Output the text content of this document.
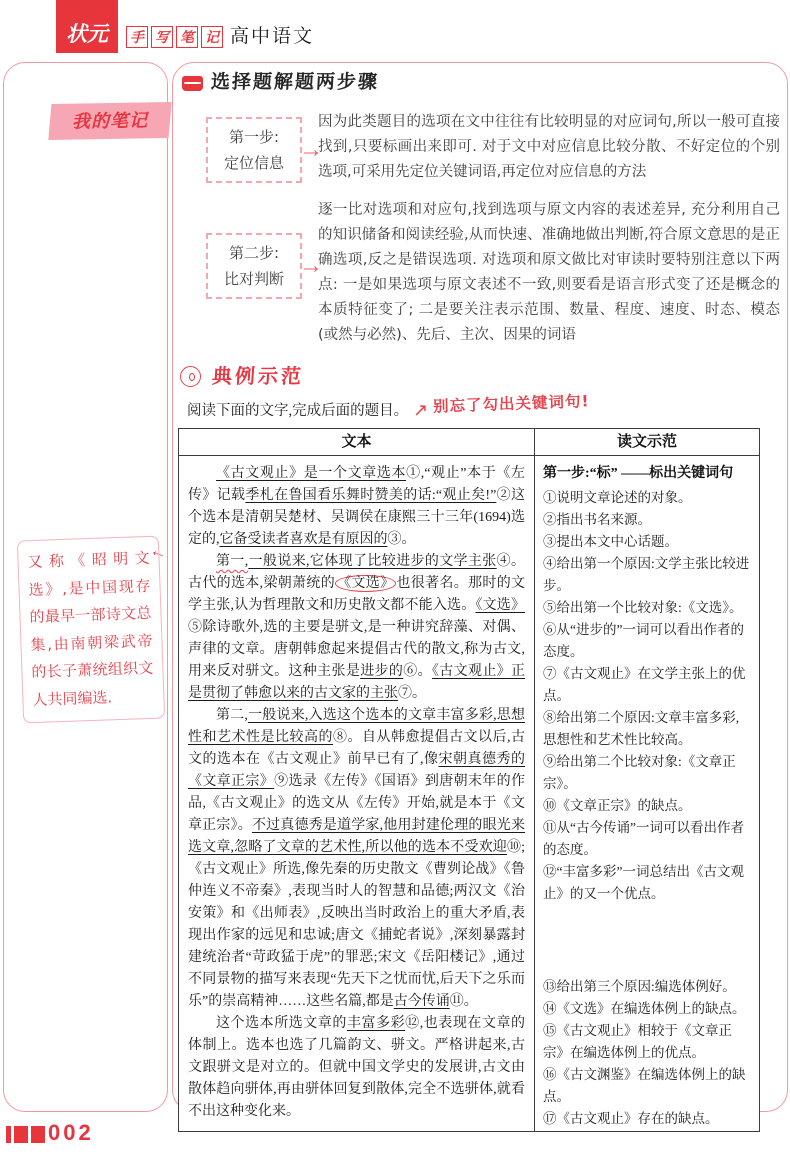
状元	手 写 笔 记 高中语文
我的笔记
←
又称《昭明文选》,是中国现存的最早一部诗文总集,由南朝梁武帝的长子萧统组织文人共同编选.
选择题解题两步骤
第一步:
定位信息 →
因为此类题目的选项在文中往往有比较明显的对应词句,所以一般可直接找到,只要标画出来即可. 对于文中对应信息比较分散、不好定位的个别选项,可采用先定位关键词语,再定位对应信息的方法
第二步:
比对判断 →
逐一比对选项和对应句,找到选项与原文内容的表述差异, 充分利用自己的知识储备和阅读经验,从而快速、准确地做出判断,符合原文意思的是正确选项,反之是错误选项. 对选项和原文做比对审读时要特别注意以下两点: 一是如果选项与原文表述不一致,则要看是语言形式变了还是概念的本质特征变了; 二是要关注表示范围、数量、程度、速度、时态、模态(或然与必然)、先后、主次、因果的词语
典例示范
阅读下面的文字,完成后面的题目。 ↗ 别忘了勾出关键词句!
文本	读文示范

《古文观止》是一个文章选本①,“观止”本于《左传》记载季札在鲁国看乐舞时赞美的话:“观止矣!”②这个选本是清朝吴楚材、吴调侯在康熙三十三年(1694)选定的,它备受读者喜欢是有原因的③。

第一,一般说来,它体现了比较进步的文学主张④。古代的选本,梁朝萧统的 《文选》 也很著名。那时的文学主张,认为哲理散文和历史散文都不能入选。《文选》⑤除诗歌外,选的主要是骈文,是一种讲究辞藻、对偶、声律的文章。唐朝韩愈起来提倡古代的散文,称为古文,用来反对骈文。这种主张是进步的⑥。《古文观止》正是贯彻了韩愈以来的古文家的主张⑦。

第二,一般说来,入选这个选本的文章丰富多彩,思想性和艺术性是比较高的⑧。自从韩愈提倡古文以后,古文的选本在《古文观止》前早已有了,像宋朝真德秀的《文章正宗》⑨选录《左传》《国语》到唐朝末年的作品,《古文观止》的选文从《左传》开始,就是本于《文章正宗》。不过真德秀是道学家,他用封建伦理的眼光来选文章,忽略了文章的艺术性,所以他的选本不受欢迎⑩;《古文观止》所选,像先秦的历史散文《曹刿论战》《鲁仲连义不帝秦》,表现当时人的智慧和品德;两汉文《治安策》和《出师表》,反映出当时政治上的重大矛盾,表现出作家的远见和忠诚;唐文《捕蛇者说》,深刻暴露封建统治者“苛政猛于虎”的罪恶;宋文《岳阳楼记》,通过不同景物的描写来表现“先天下之忧而忧,后天下之乐而乐”的崇高精神……这些名篇,都是古今传诵⑪。

这个选本所选文章的丰富多彩⑫,也表现在文章的体制上。选本也选了几篇韵文、骈文。严格讲起来,古文跟骈文是对立的。但就中国文学史的发展讲,古文由散体趋向骈体,再由骈体回复到散体,完全不选骈体,就看不出这种变化来。

第一步:“标” ——标出关键词句

①说明文章论述的对象。

②指出书名来源。

③提出本文中心话题。

④给出第一个原因:文学主张比较进步。

⑤给出第一个比较对象:《文选》。

⑥从“进步的”一词可以看出作者的态度。

⑦《古文观止》在文学主张上的优点。

⑧给出第二个原因:文章丰富多彩,思想性和艺术性比较高。

⑨给出第二个比较对象:《文章正宗》。

⑩《文章正宗》的缺点。

⑪从“古今传诵”一词可以看出作者的态度。

⑫“丰富多彩”一词总结出《古文观止》的又一个优点。

⑬给出第三个原因:编选体例好。

⑭《文选》在编选体例上的缺点。

⑮《古文观止》相较于《文章正宗》在编选体例上的优点。

⑯《古文渊鉴》在编选体例上的缺点。

⑰《古文观止》存在的缺点。

002
